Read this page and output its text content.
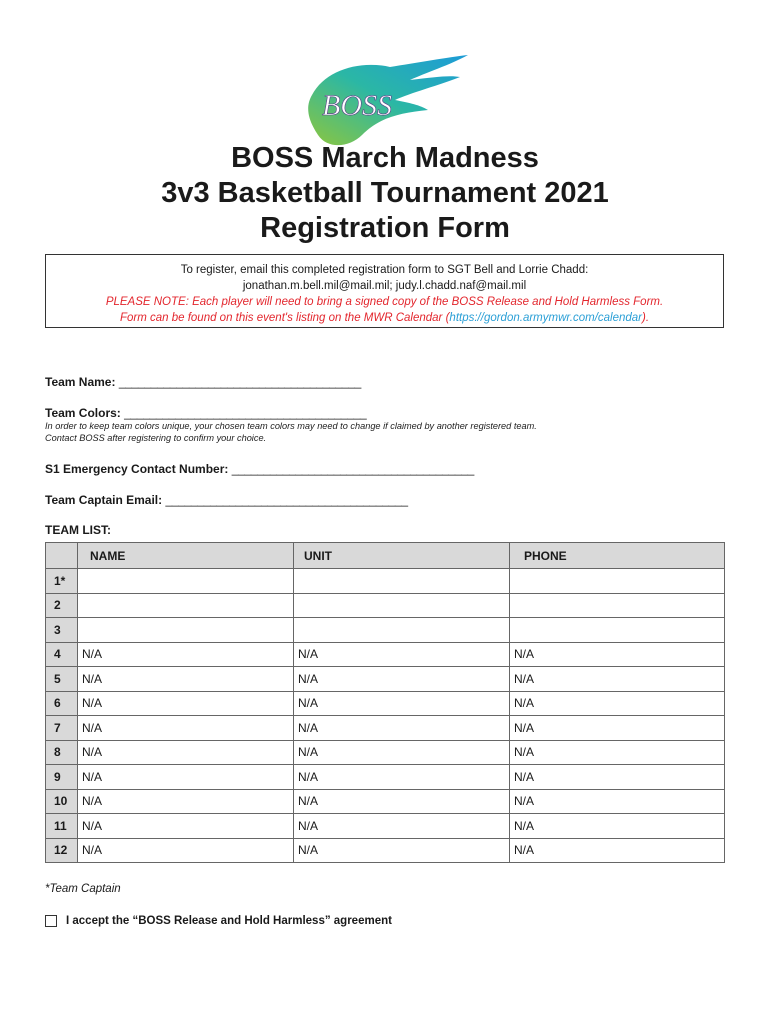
BOSS
BOSS March Madness
3v3 Basketball Tournament 2021
Registration Form
To register, email this completed registration form to SGT Bell and Lorrie Chadd:
jonathan.m.bell.mil@mail.mil; judy.l.chadd.naf@mail.mil
PLEASE NOTE: Each player will need to bring a signed copy of the BOSS Release and Hold Harmless Form.
Form can be found on this event's listing on the MWR Calendar (https://gordon.armymwr.com/calendar).
Team Name: ______________________________________
Team Colors: ______________________________________
In order to keep team colors unique, your chosen team colors may need to change if claimed by another registered team.
Contact BOSS after registering to confirm your choice.
S1 Emergency Contact Number: ______________________________________
Team Captain Email: ______________________________________
TEAM LIST:
	NAME	UNIT	PHONE
1*			
2			
3			
4	N/A	N/A	N/A
5	N/A	N/A	N/A
6	N/A	N/A	N/A
7	N/A	N/A	N/A
8	N/A	N/A	N/A
9	N/A	N/A	N/A
10	N/A	N/A	N/A
11	N/A	N/A	N/A
12	N/A	N/A	N/A
*Team Captain
I accept the “BOSS Release and Hold Harmless” agreement
